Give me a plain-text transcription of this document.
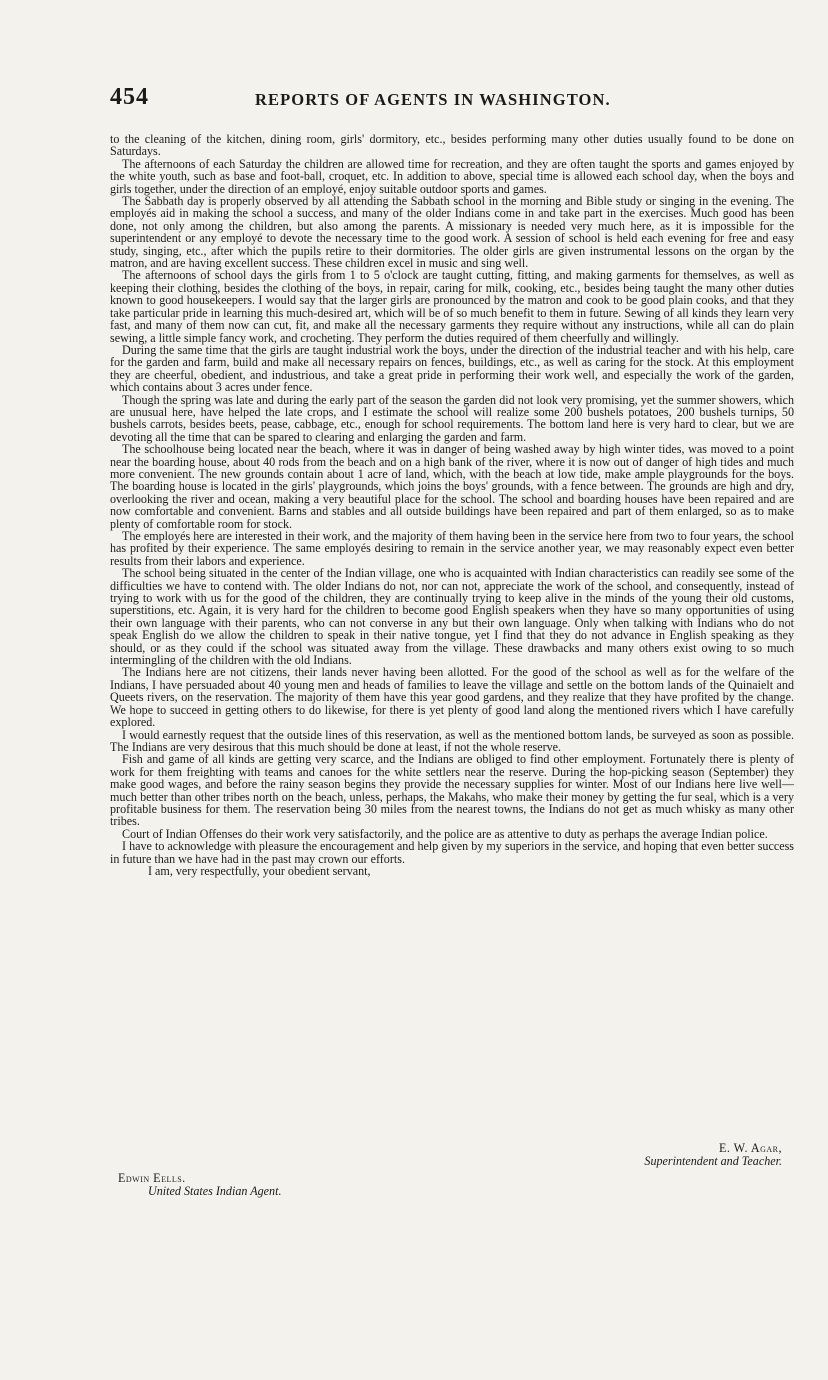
454	REPORTS OF AGENTS IN WASHINGTON.

to the cleaning of the kitchen, dining room, girls' dormitory, etc., besides performing many other duties usually found to be done on Saturdays.

The afternoons of each Saturday the children are allowed time for recreation, and they are often taught the sports and games enjoyed by the white youth, such as base and foot-ball, croquet, etc. In addition to above, special time is allowed each school day, when the boys and girls together, under the direction of an employé, enjoy suitable outdoor sports and games.

The Sabbath day is properly observed by all attending the Sabbath school in the morning and Bible study or singing in the evening. The employés aid in making the school a success, and many of the older Indians come in and take part in the exercises. Much good has been done, not only among the children, but also among the parents. A missionary is needed very much here, as it is impossible for the superintendent or any employé to devote the necessary time to the good work. A session of school is held each evening for free and easy study, singing, etc., after which the pupils retire to their dormitories. The older girls are given instrumental lessons on the organ by the matron, and are having excellent success. These children excel in music and sing well.

The afternoons of school days the girls from 1 to 5 o'clock are taught cutting, fitting, and making garments for themselves, as well as keeping their clothing, besides the clothing of the boys, in repair, caring for milk, cooking, etc., besides being taught the many other duties known to good housekeepers. I would say that the larger girls are pronounced by the matron and cook to be good plain cooks, and that they take particular pride in learning this much-desired art, which will be of so much benefit to them in future. Sewing of all kinds they learn very fast, and many of them now can cut, fit, and make all the necessary garments they require without any instructions, while all can do plain sewing, a little simple fancy work, and crocheting. They perform the duties required of them cheerfully and willingly.

During the same time that the girls are taught industrial work the boys, under the direction of the industrial teacher and with his help, care for the garden and farm, build and make all necessary repairs on fences, buildings, etc., as well as caring for the stock. At this employment they are cheerful, obedient, and industrious, and take a great pride in performing their work well, and especially the work of the garden, which contains about 3 acres under fence.

Though the spring was late and during the early part of the season the garden did not look very promising, yet the summer showers, which are unusual here, have helped the late crops, and I estimate the school will realize some 200 bushels potatoes, 200 bushels turnips, 50 bushels carrots, besides beets, pease, cabbage, etc., enough for school requirements. The bottom land here is very hard to clear, but we are devoting all the time that can be spared to clearing and enlarging the garden and farm.

The schoolhouse being located near the beach, where it was in danger of being washed away by high winter tides, was moved to a point near the boarding house, about 40 rods from the beach and on a high bank of the river, where it is now out of danger of high tides and much more convenient. The new grounds contain about 1 acre of land, which, with the beach at low tide, make ample playgrounds for the boys. The boarding house is located in the girls' playgrounds, which joins the boys' grounds, with a fence between. The grounds are high and dry, overlooking the river and ocean, making a very beautiful place for the school. The school and boarding houses have been repaired and are now comfortable and convenient. Barns and stables and all outside buildings have been repaired and part of them enlarged, so as to make plenty of comfortable room for stock.

The employés here are interested in their work, and the majority of them having been in the service here from two to four years, the school has profited by their experience. The same employés desiring to remain in the service another year, we may reasonably expect even better results from their labors and experience.

The school being situated in the center of the Indian village, one who is acquainted with Indian characteristics can readily see some of the difficulties we have to contend with. The older Indians do not, nor can not, appreciate the work of the school, and consequently, instead of trying to work with us for the good of the children, they are continually trying to keep alive in the minds of the young their old customs, superstitions, etc. Again, it is very hard for the children to become good English speakers when they have so many opportunities of using their own language with their parents, who can not converse in any but their own language. Only when talking with Indians who do not speak English do we allow the children to speak in their native tongue, yet I find that they do not advance in English speaking as they should, or as they could if the school was situated away from the village. These drawbacks and many others exist owing to so much intermingling of the children with the old Indians.

The Indians here are not citizens, their lands never having been allotted. For the good of the school as well as for the welfare of the Indians, I have persuaded about 40 young men and heads of families to leave the village and settle on the bottom lands of the Quinaielt and Queets rivers, on the reservation. The majority of them have this year good gardens, and they realize that they have profited by the change. We hope to succeed in getting others to do likewise, for there is yet plenty of good land along the mentioned rivers which I have carefully explored.

I would earnestly request that the outside lines of this reservation, as well as the mentioned bottom lands, be surveyed as soon as possible. The Indians are very desirous that this much should be done at least, if not the whole reserve.

Fish and game of all kinds are getting very scarce, and the Indians are obliged to find other employment. Fortunately there is plenty of work for them freighting with teams and canoes for the white settlers near the reserve. During the hop-picking season (September) they make good wages, and before the rainy season begins they provide the necessary supplies for winter. Most of our Indians here live well—much better than other tribes north on the beach, unless, perhaps, the Makahs, who make their money by getting the fur seal, which is a very profitable business for them. The reservation being 30 miles from the nearest towns, the Indians do not get as much whisky as many other tribes.

Court of Indian Offenses do their work very satisfactorily, and the police are as attentive to duty as perhaps the average Indian police.

I have to acknowledge with pleasure the encouragement and help given by my superiors in the service, and hoping that even better success in future than we have had in the past may crown our efforts.

I am, very respectfully, your obedient servant,

E. W. Agar,
Superintendent and Teacher.
Edwin Eells.
United States Indian Agent.
